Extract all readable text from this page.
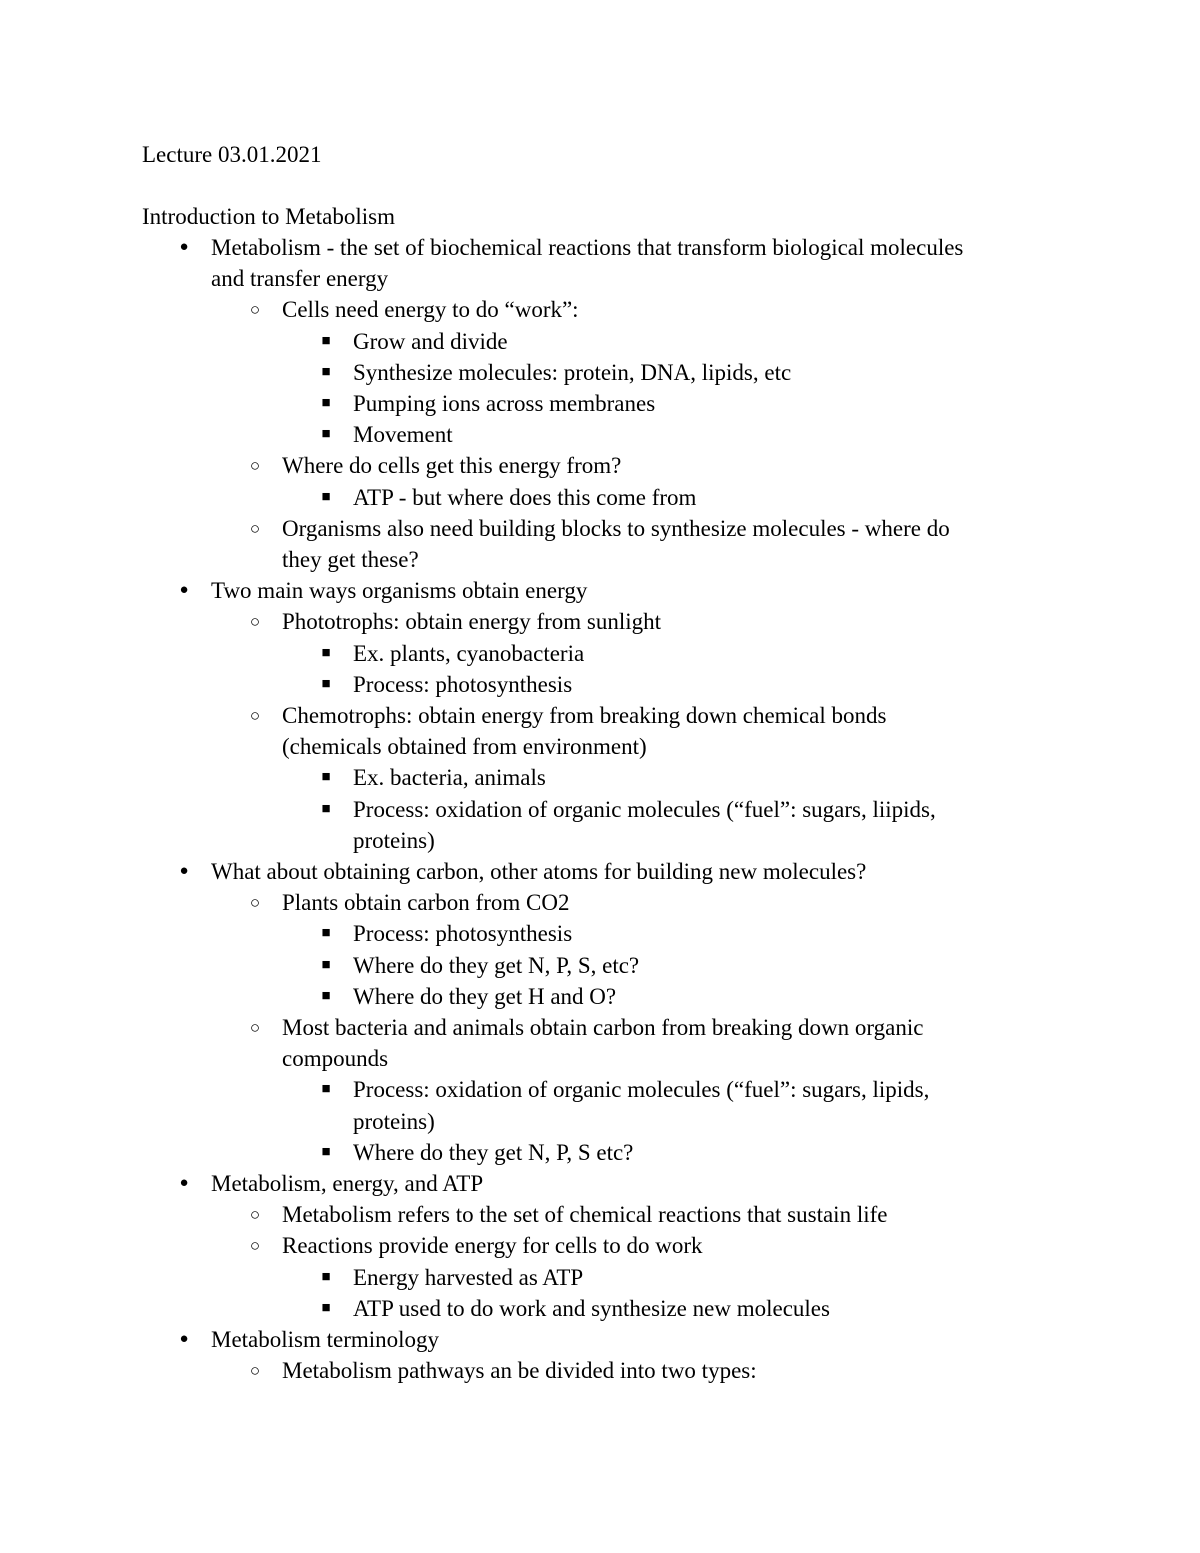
Lecture 03.01.2021
Introduction to Metabolism
● Metabolism - the set of biochemical reactions that transform biological molecules
and transfer energy
○ Cells need energy to do “work”:
■ Grow and divide
■ Synthesize molecules: protein, DNA, lipids, etc
■ Pumping ions across membranes
■ Movement
○ Where do cells get this energy from?
■ ATP - but where does this come from
○ Organisms also need building blocks to synthesize molecules - where do
they get these?
● Two main ways organisms obtain energy
○ Phototrophs: obtain energy from sunlight
■ Ex. plants, cyanobacteria
■ Process: photosynthesis
○ Chemotrophs: obtain energy from breaking down chemical bonds
(chemicals obtained from environment)
■ Ex. bacteria, animals
■ Process: oxidation of organic molecules (“fuel”: sugars, liipids,
proteins)
● What about obtaining carbon, other atoms for building new molecules?
○ Plants obtain carbon from CO2
■ Process: photosynthesis
■ Where do they get N, P, S, etc?
■ Where do they get H and O?
○ Most bacteria and animals obtain carbon from breaking down organic
compounds
■ Process: oxidation of organic molecules (“fuel”: sugars, lipids,
proteins)
■ Where do they get N, P, S etc?
● Metabolism, energy, and ATP
○ Metabolism refers to the set of chemical reactions that sustain life
○ Reactions provide energy for cells to do work
■ Energy harvested as ATP
■ ATP used to do work and synthesize new molecules
● Metabolism terminology
○ Metabolism pathways an be divided into two types:
